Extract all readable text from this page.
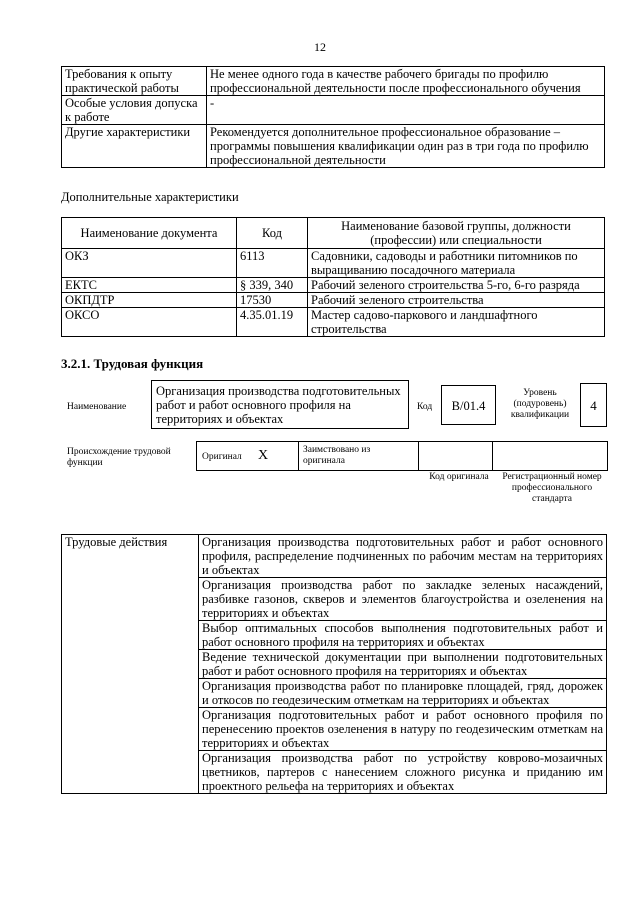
12
Требования к опыту практической работы	Не менее одного года в качестве рабочего бригады по профилю профессиональной деятельности после профессионального обучения
Особые условия допуска к работе	-
Другие характеристики	Рекомендуется дополнительное профессиональное образование – программы повышения квалификации один раз в три года по профилю профессиональной деятельности
Дополнительные характеристики
Наименование документа	Код	Наименование базовой группы, должности (профессии) или специальности
ОКЗ	6113	Садовники, садоводы и работники питомников по выращиванию посадочного материала
ЕКТС	§ 339, 340	Рабочий зеленого строительства 5-го, 6-го разряда
ОКПДТР	17530	Рабочий зеленого строительства
ОКСО	4.35.01.19	Мастер садово-паркового и ландшафтного строительства
3.2.1. Трудовая функция
Наименование
Организация производства подготовительных работ и работ основного профиля на территориях и объектах
Код	B/01.4
Уровень (подуровень) квалификации
4
Происхождение трудовой функции
Оригинал X	Заимствовано из оригинала
Код оригинала	Регистрационный номер профессионального стандарта
Трудовые действия	Организация производства подготовительных работ и работ основного профиля, распределение подчиненных по рабочим местам на территориях и объектах
Организация производства работ по закладке зеленых насаждений, разбивке газонов, скверов и элементов благоустройства и озеленения на территориях и объектах
Выбор оптимальных способов выполнения подготовительных работ и работ основного профиля на территориях и объектах
Ведение технической документации при выполнении подготовительных работ и работ основного профиля на территориях и объектах
Организация производства работ по планировке площадей, гряд, дорожек и откосов по геодезическим отметкам на территориях и объектах
Организация подготовительных работ и работ основного профиля по перенесению проектов озеленения в натуру по геодезическим отметкам на территориях и объектах
Организация производства работ по устройству коврово-мозаичных цветников, партеров с нанесением сложного рисунка и приданию им проектного рельефа на территориях и объектах
